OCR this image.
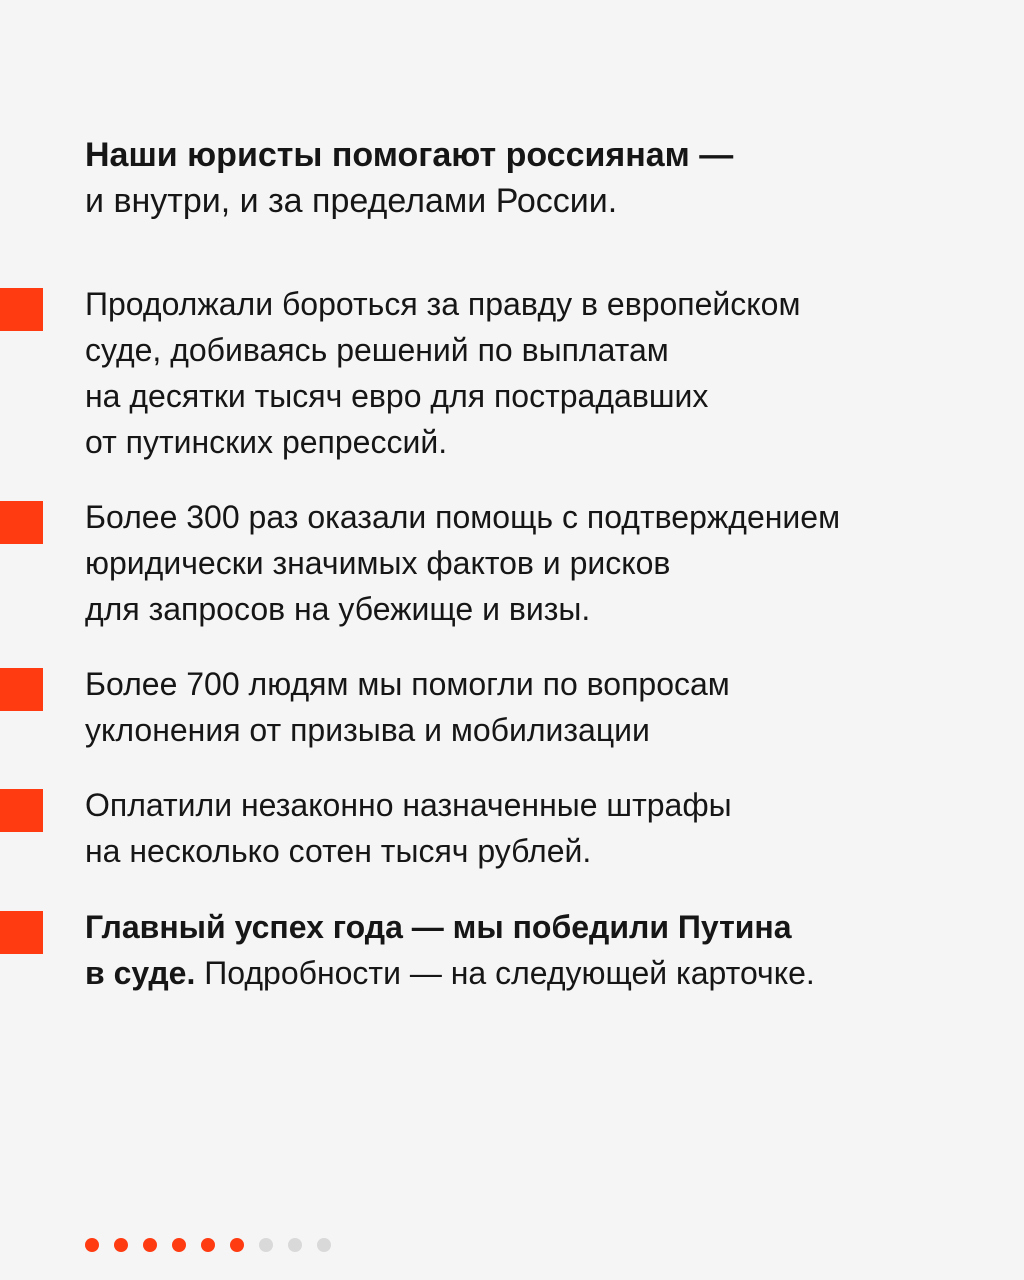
Наши юристы помогают россиянам —
и внутри, и за пределами России.

Продолжали бороться за правду в европейском
суде, добиваясь решений по выплатам
на десятки тысяч евро для пострадавших
от путинских репрессий.

Более 300 раз оказали помощь с подтверждением
юридически значимых фактов и рисков
для запросов на убежище и визы.

Более 700 людям мы помогли по вопросам
уклонения от призыва и мобилизации

Оплатили незаконно назначенные штрафы
на несколько сотен тысяч рублей.

Главный успех года — мы победили Путина
в суде. Подробности — на следующей карточке.
